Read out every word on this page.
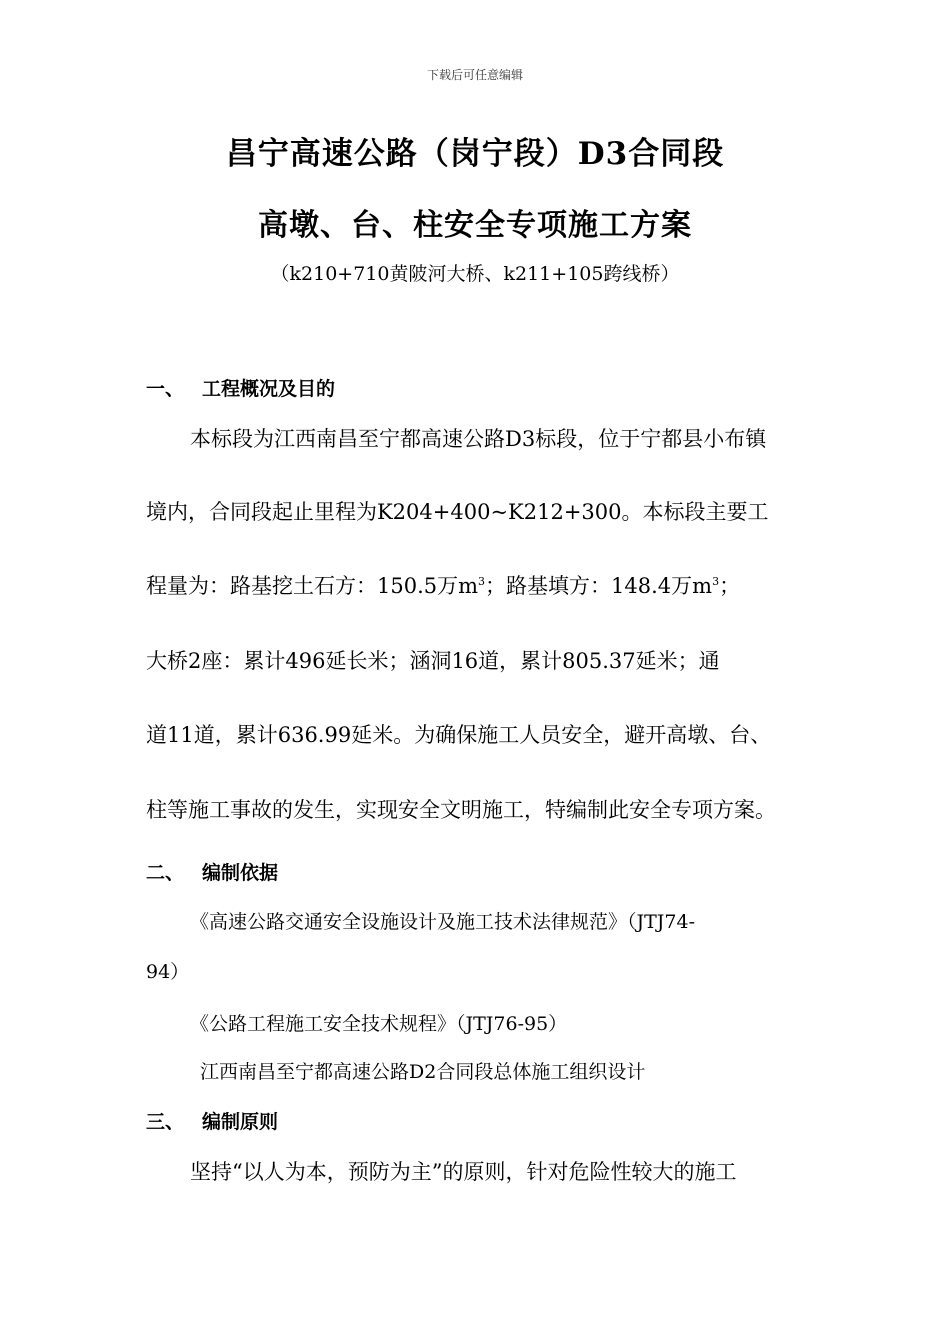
下载后可任意编辑
昌宁高速公路（岗宁段）D3合同段
高墩、台、柱安全专项施工方案
（k210+710黄陂河大桥、k211+105跨线桥）
一、 工程概况及目的
本标段为江西南昌至宁都高速公路D3标段，位于宁都县小布镇
境内，合同段起止里程为K204+400~K212+300。本标段主要工
程量为：路基挖土石方：150.5万$m^3$；路基填方：148.4万$m^3$；
大桥2座：累计496延长米；涵洞16道，累计805.37延米；通
道11道，累计636.99延米。为确保施工人员安全，避开高墩、台、
柱等施工事故的发生，实现安全文明施工，特编制此安全专项方案。
二、 编制依据
《高速公路交通安全设施设计及施工技术法律规范》（JTJ74-
94）
《公路工程施工安全技术规程》（JTJ76-95）
江西南昌至宁都高速公路D2合同段总体施工组织设计
三、 编制原则
坚持“以人为本，预防为主”的原则，针对危险性较大的施工
